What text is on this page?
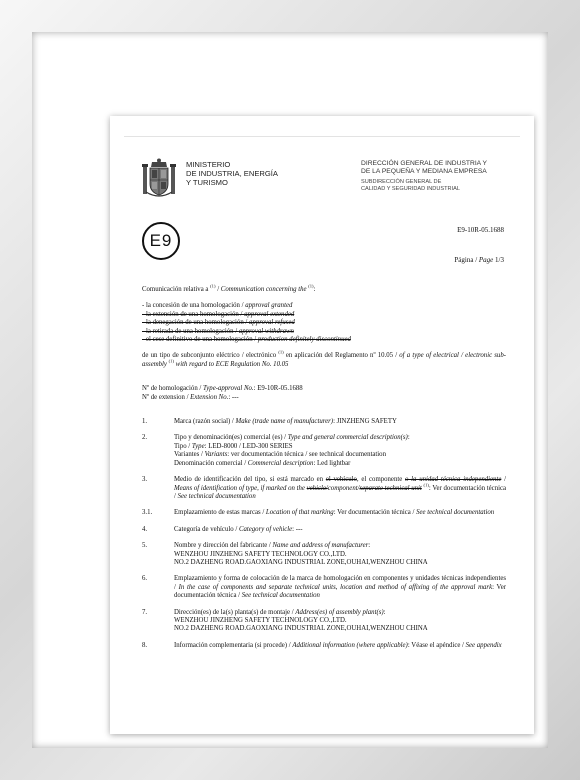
MINISTERIO
DE INDUSTRIA, ENERGÍA
Y TURISMO
DIRECCIÓN GENERAL DE INDUSTRIA Y
DE LA PEQUEÑA Y MEDIANA EMPRESA
SUBDIRECCIÓN GENERAL DE
CALIDAD Y SEGURIDAD INDUSTRIAL
E9
E9-10R-05.1688
Página / Page 1/3

Comunicación relativa a $^{(1)}$ / Communication concerning the $^{(1)}$:

- la concesión de una homologación / approval granted

- la extensión de una homologación / approval extended

- la denegación de una homologación / approval refused

- la retirada de una homologación / approval withdrawn

- el cese definitivo de una homologación / production definitely discontinued

de un tipo de subconjunto eléctrico / electrónico $^{(1)}$ en aplicación del Reglamento nº 10.05 / of a type of electrical / electronic sub-assembly $^{(1)}$ with regard to ECE Regulation No. 10.05

Nº de homologación / Type-approval No.: E9-10R-05.1688

Nº de extension / Extension No.: ---

1.	Marca (razón social) / Make (trade name of manufacturer): JINZHENG SAFETY
2.	Tipo y denominación(es) comercial (es) / Type and general commercial description(s):
Tipo / Type: LED-8000 / LED-300 SERIES
Variantes / Variants: ver documentación técnica / see technical documentation
Denominación comercial / Commercial description: Led lightbar
3.	Medio de identificación del tipo, si está marcado en el vehículo, el componente o la unidad técnica independiente / Means of identification of type, if marked on the vehicle/component/separate technical unit $^{(1)}$: Ver documentación técnica / See technical documentation
3.1.	Emplazamiento de estas marcas / Location of that marking: Ver documentación técnica / See technical documentation
4.	Categoría de vehículo / Category of vehicle: ---
5.	Nombre y dirección del fabricante / Name and address of manufacturer:
WENZHOU JINZHENG SAFETY TECHNOLOGY CO.,LTD.
NO.2 DAZHENG ROAD.GAOXIANG INDUSTRIAL ZONE,OUHAI,WENZHOU CHINA
6.	Emplazamiento y forma de colocación de la marca de homologación en componentes y unidades técnicas independientes / In the case of components and separate technical units, location and method of affixing of the approval mark: Ver documentación técnica / See technical documentation
7.	Dirección(es) de la(s) planta(s) de montaje / Address(es) of assembly plant(s):
WENZHOU JINZHENG SAFETY TECHNOLOGY CO.,LTD.
NO.2 DAZHENG ROAD.GAOXIANG INDUSTRIAL ZONE,OUHAI,WENZHOU CHINA
8.	Información complementaria (si procede) / Additional information (where applicable): Véase el apéndice / See appendix
